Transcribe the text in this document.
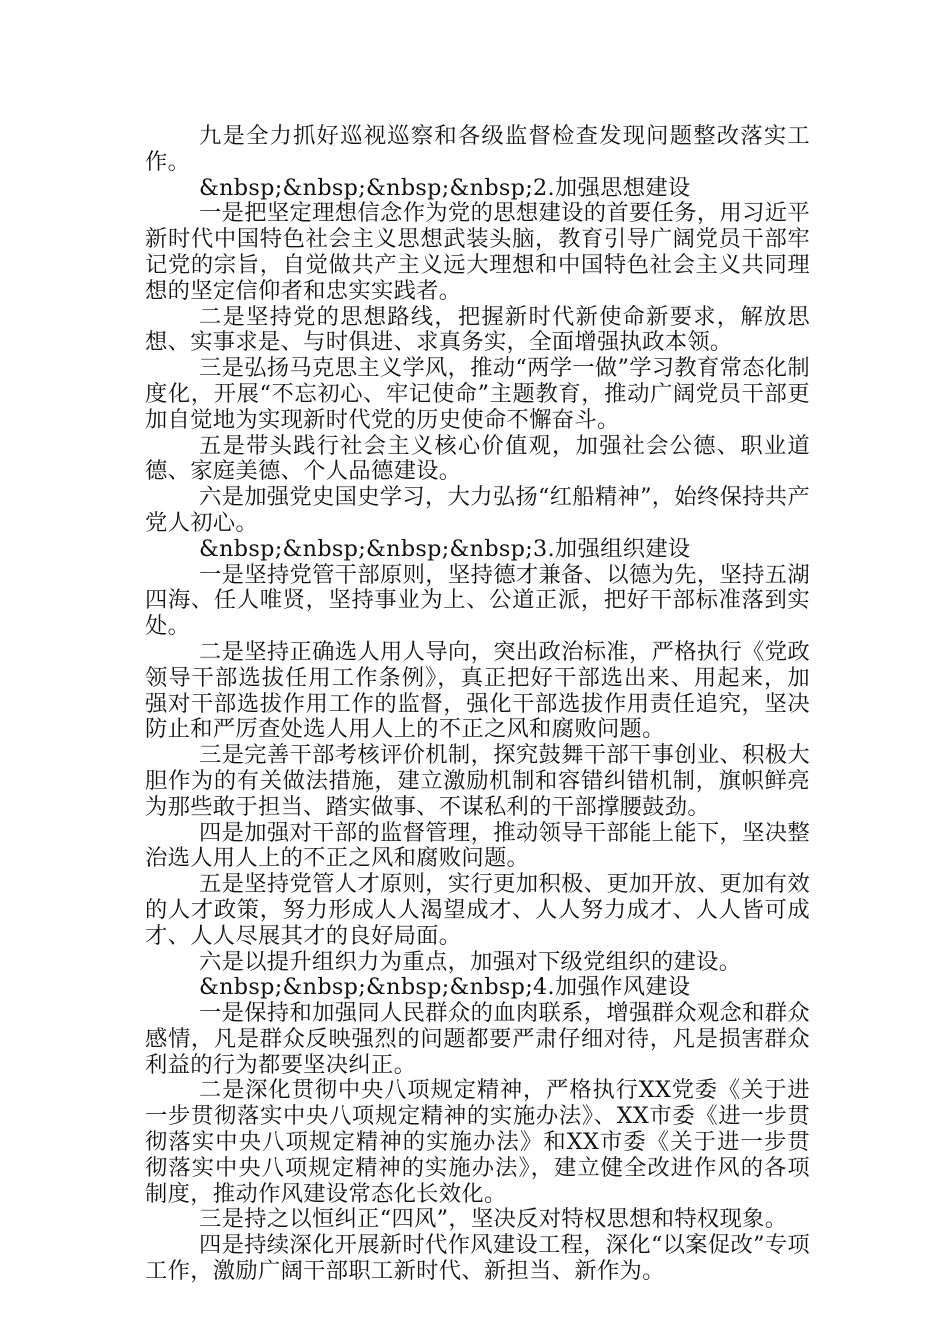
九是全力抓好巡视巡察和各级监督检查发现问题整改落实工作。

&nbsp;&nbsp;&nbsp;&nbsp;2.加强思想建设

一是把坚定理想信念作为党的思想建设的首要任务，用习近平新时代中国特色社会主义思想武装头脑，教育引导广阔党员干部牢记党的宗旨，自觉做共产主义远大理想和中国特色社会主义共同理想的坚定信仰者和忠实实践者。

二是坚持党的思想路线，把握新时代新使命新要求，解放思想、实事求是、与时俱进、求真务实，全面增强执政本领。

三是弘扬马克思主义学风，推动“两学一做”学习教育常态化制度化，开展“不忘初心、牢记使命”主题教育，推动广阔党员干部更加自觉地为实现新时代党的历史使命不懈奋斗。

五是带头践行社会主义核心价值观，加强社会公德、职业道德、家庭美德、个人品德建设。

六是加强党史国史学习，大力弘扬“红船精神”，始终保持共产党人初心。

&nbsp;&nbsp;&nbsp;&nbsp;3.加强组织建设

一是坚持党管干部原则，坚持德才兼备、以德为先，坚持五湖四海、任人唯贤，坚持事业为上、公道正派，把好干部标准落到实处。

二是坚持正确选人用人导向，突出政治标准，严格执行《党政领导干部选拔任用工作条例》，真正把好干部选出来、用起来，加强对干部选拔作用工作的监督，强化干部选拔作用责任追究，坚决防止和严厉查处选人用人上的不正之风和腐败问题。

三是完善干部考核评价机制，探究鼓舞干部干事创业、积极大胆作为的有关做法措施，建立激励机制和容错纠错机制，旗帜鲜亮为那些敢于担当、踏实做事、不谋私利的干部撑腰鼓劲。

四是加强对干部的监督管理，推动领导干部能上能下，坚决整治选人用人上的不正之风和腐败问题。

五是坚持党管人才原则，实行更加积极、更加开放、更加有效的人才政策，努力形成人人渴望成才、人人努力成才、人人皆可成才、人人尽展其才的良好局面。

六是以提升组织力为重点，加强对下级党组织的建设。

&nbsp;&nbsp;&nbsp;&nbsp;4.加强作风建设

一是保持和加强同人民群众的血肉联系，增强群众观念和群众感情，凡是群众反映强烈的问题都要严肃仔细对待，凡是损害群众利益的行为都要坚决纠正。

二是深化贯彻中央八项规定精神，严格执行XX党委《关于进一步贯彻落实中央八项规定精神的实施办法》、XX市委《进一步贯彻落实中央八项规定精神的实施办法》和XX市委《关于进一步贯彻落实中央八项规定精神的实施办法》，建立健全改进作风的各项制度，推动作风建设常态化长效化。

三是持之以恒纠正“四风”，坚决反对特权思想和特权现象。

四是持续深化开展新时代作风建设工程，深化“以案促改”专项工作，激励广阔干部职工新时代、新担当、新作为。
